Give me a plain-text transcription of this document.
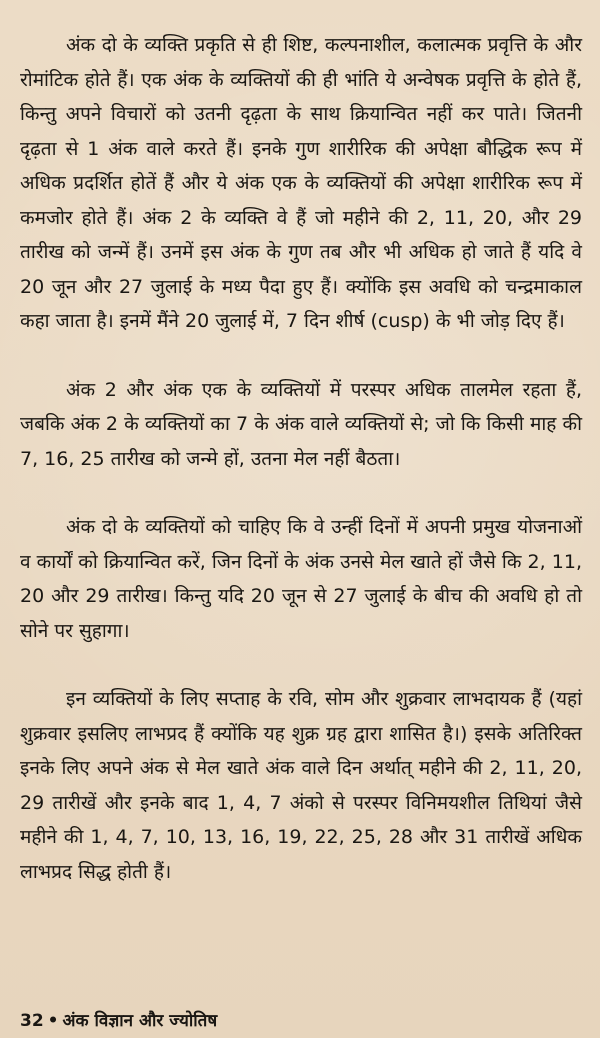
अंक दो के व्यक्ति प्रकृति से ही शिष्ट, कल्पनाशील, कलात्मक प्रवृत्ति के और रोमांटिक होते हैं। एक अंक के व्यक्तियों की ही भांति ये अन्वेषक प्रवृत्ति के होते हैं, किन्तु अपने विचारों को उतनी दृढ़ता के साथ क्रियान्वित नहीं कर पाते। जितनी दृढ़ता से 1 अंक वाले करते हैं। इनके गुण शारीरिक की अपेक्षा बौद्धिक रूप में अधिक प्रदर्शित होतें हैं और ये अंक एक के व्यक्तियों की अपेक्षा शारीरिक रूप में कमजोर होते हैं। अंक 2 के व्यक्ति वे हैं जो महीने की 2, 11, 20, और 29 तारीख को जन्में हैं। उनमें इस अंक के गुण तब और भी अधिक हो जाते हैं यदि वे 20 जून और 27 जुलाई के मध्य पैदा हुए हैं। क्योंकि इस अवधि को चन्द्रमाकाल कहा जाता है। इनमें मैंने 20 जुलाई में, 7 दिन शीर्ष (cusp) के भी जोड़ दिए हैं।

अंक 2 और अंक एक के व्यक्तियों में परस्पर अधिक तालमेल रहता हैं, जबकि अंक 2 के व्यक्तियों का 7 के अंक वाले व्यक्तियों से; जो कि किसी माह की 7, 16, 25 तारीख को जन्मे हों, उतना मेल नहीं बैठता।

अंक दो के व्यक्तियों को चाहिए कि वे उन्हीं दिनों में अपनी प्रमुख योजनाओं व कार्यों को क्रियान्वित करें, जिन दिनों के अंक उनसे मेल खाते हों जैसे कि 2, 11, 20 और 29 तारीख। किन्तु यदि 20 जून से 27 जुलाई के बीच की अवधि हो तो सोने पर सुहागा।

इन व्यक्तियों के लिए सप्ताह के रवि, सोम और शुक्रवार लाभदायक हैं (यहां शुक्रवार इसलिए लाभप्रद हैं क्योंकि यह शुक्र ग्रह द्वारा शासित है।) इसके अतिरिक्त इनके लिए अपने अंक से मेल खाते अंक वाले दिन अर्थात् महीने की 2, 11, 20, 29 तारीखें और इनके बाद 1, 4, 7 अंको से परस्पर विनिमयशील तिथियां जैसे महीने की 1, 4, 7, 10, 13, 16, 19, 22, 25, 28 और 31 तारीखें अधिक लाभप्रद सिद्ध होती हैं।

32 • अंक विज्ञान और ज्योतिष
